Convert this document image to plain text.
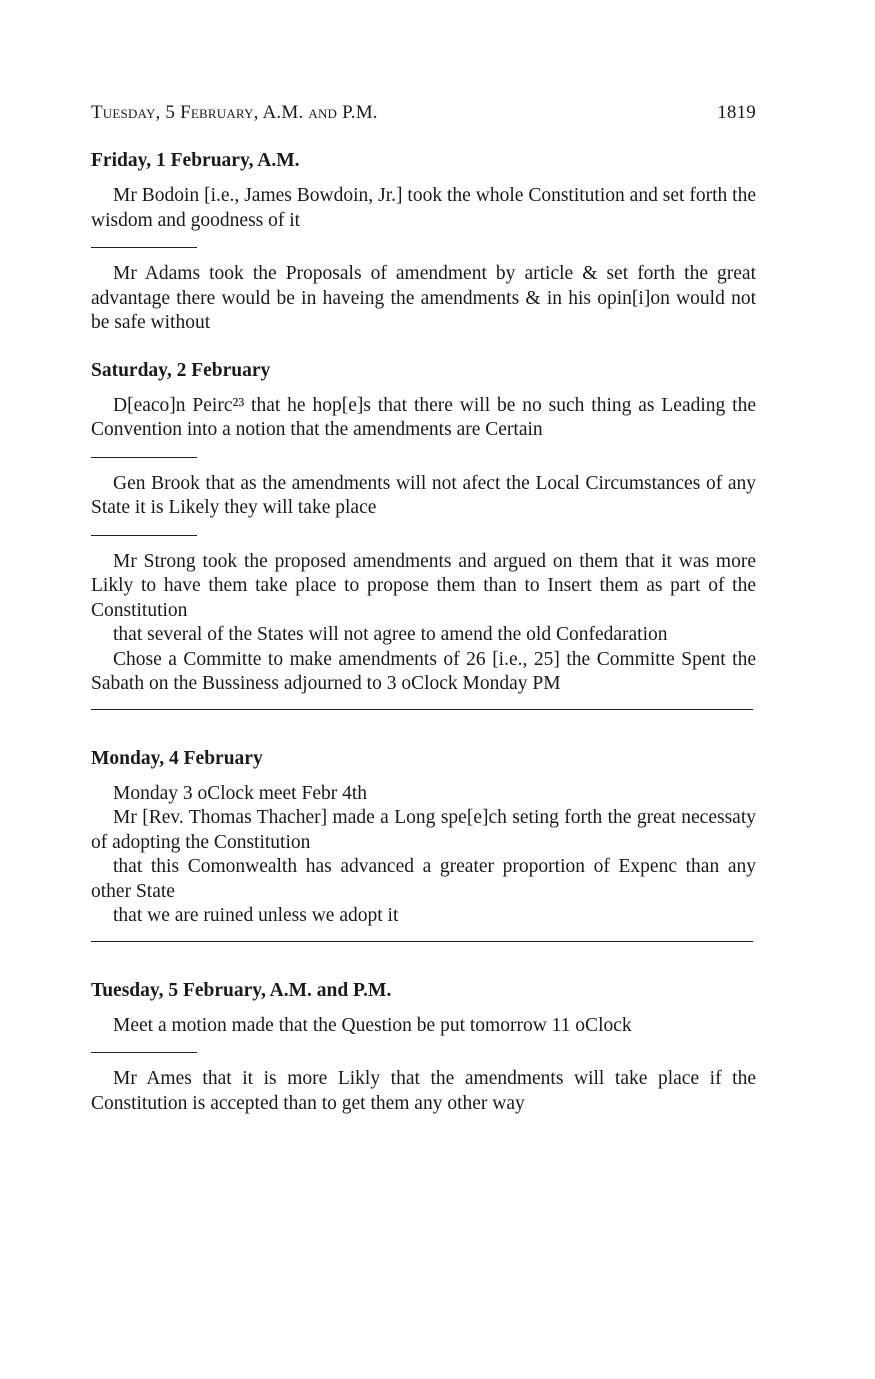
Tuesday, 5 February, A.M. and P.M.	1819
Friday, 1 February, A.M.

Mr Bodoin [i.e., James Bowdoin, Jr.] took the whole Constitution and set forth the wisdom and goodness of it

Mr Adams took the Proposals of amendment by article & set forth the great advantage there would be in haveing the amendments & in his opin[i]on would not be safe without

Saturday, 2 February

D[eaco]n Peirc²³ that he hop[e]s that there will be no such thing as Leading the Convention into a notion that the amendments are Certain

Gen Brook that as the amendments will not afect the Local Circumstances of any State it is Likely they will take place

Mr Strong took the proposed amendments and argued on them that it was more Likly to have them take place to propose them than to Insert them as part of the Constitution

that several of the States will not agree to amend the old Confedaration

Chose a Committe to make amendments of 26 [i.e., 25] the Committe Spent the Sabath on the Bussiness adjourned to 3 oClock Monday PM

Monday, 4 February

Monday 3 oClock meet Febr 4th

Mr [Rev. Thomas Thacher] made a Long spe[e]ch seting forth the great necessaty of adopting the Constitution

that this Comonwealth has advanced a greater proportion of Expenc than any other State

that we are ruined unless we adopt it

Tuesday, 5 February, A.M. and P.M.

Meet a motion made that the Question be put tomorrow 11 oClock

Mr Ames that it is more Likly that the amendments will take place if the Constitution is accepted than to get them any other way
